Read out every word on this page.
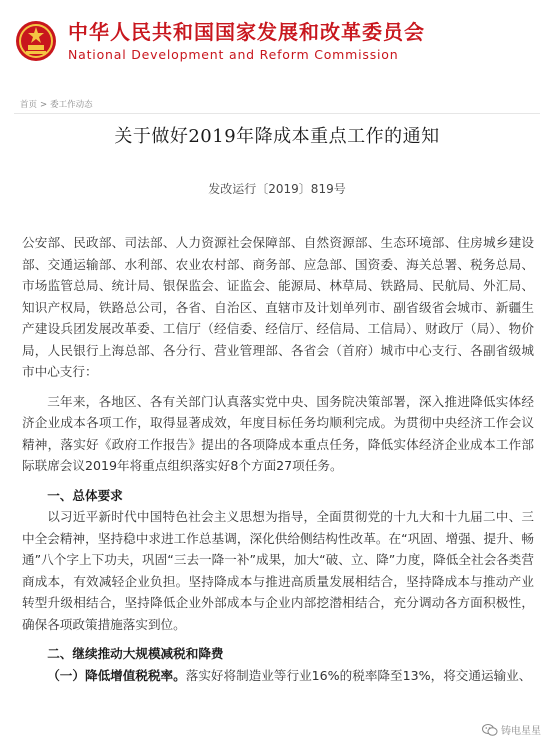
中华人民共和国国家发展和改革委员会
National Development and Reform Commission
首页 > 委工作动态
关于做好2019年降成本重点工作的通知
发改运行〔2019〕819号

公安部、民政部、司法部、人力资源社会保障部、自然资源部、生态环境部、住房城乡建设部、交通运输部、水利部、农业农村部、商务部、应急部、国资委、海关总署、税务总局、市场监管总局、统计局、银保监会、证监会、能源局、林草局、铁路局、民航局、外汇局、知识产权局，铁路总公司，各省、自治区、直辖市及计划单列市、副省级省会城市、新疆生产建设兵团发展改革委、工信厅（经信委、经信厅、经信局、工信局）、财政厅（局）、物价局，人民银行上海总部、各分行、营业管理部、各省会（首府）城市中心支行、各副省级城市中心支行：

三年来，各地区、各有关部门认真落实党中央、国务院决策部署，深入推进降低实体经济企业成本各项工作，取得显著成效，年度目标任务均顺利完成。为贯彻中央经济工作会议精神，落实好《政府工作报告》提出的各项降成本重点任务，降低实体经济企业成本工作部际联席会议2019年将重点组织落实好8个方面27项任务。

一、总体要求

以习近平新时代中国特色社会主义思想为指导，全面贯彻党的十九大和十九届二中、三中全会精神，坚持稳中求进工作总基调，深化供给侧结构性改革。在“巩固、增强、提升、畅通”八个字上下功夫，巩固“三去一降一补”成果，加大“破、立、降”力度，降低全社会各类营商成本，有效减轻企业负担。坚持降成本与推进高质量发展相结合，坚持降成本与推动产业转型升级相结合，坚持降低企业外部成本与企业内部挖潜相结合，充分调动各方面积极性，确保各项政策措施落实到位。

二、继续推动大规模减税和降费

（一）降低增值税税率。落实好将制造业等行业16%的税率降至13%，将交通运输业、

铸电星星
